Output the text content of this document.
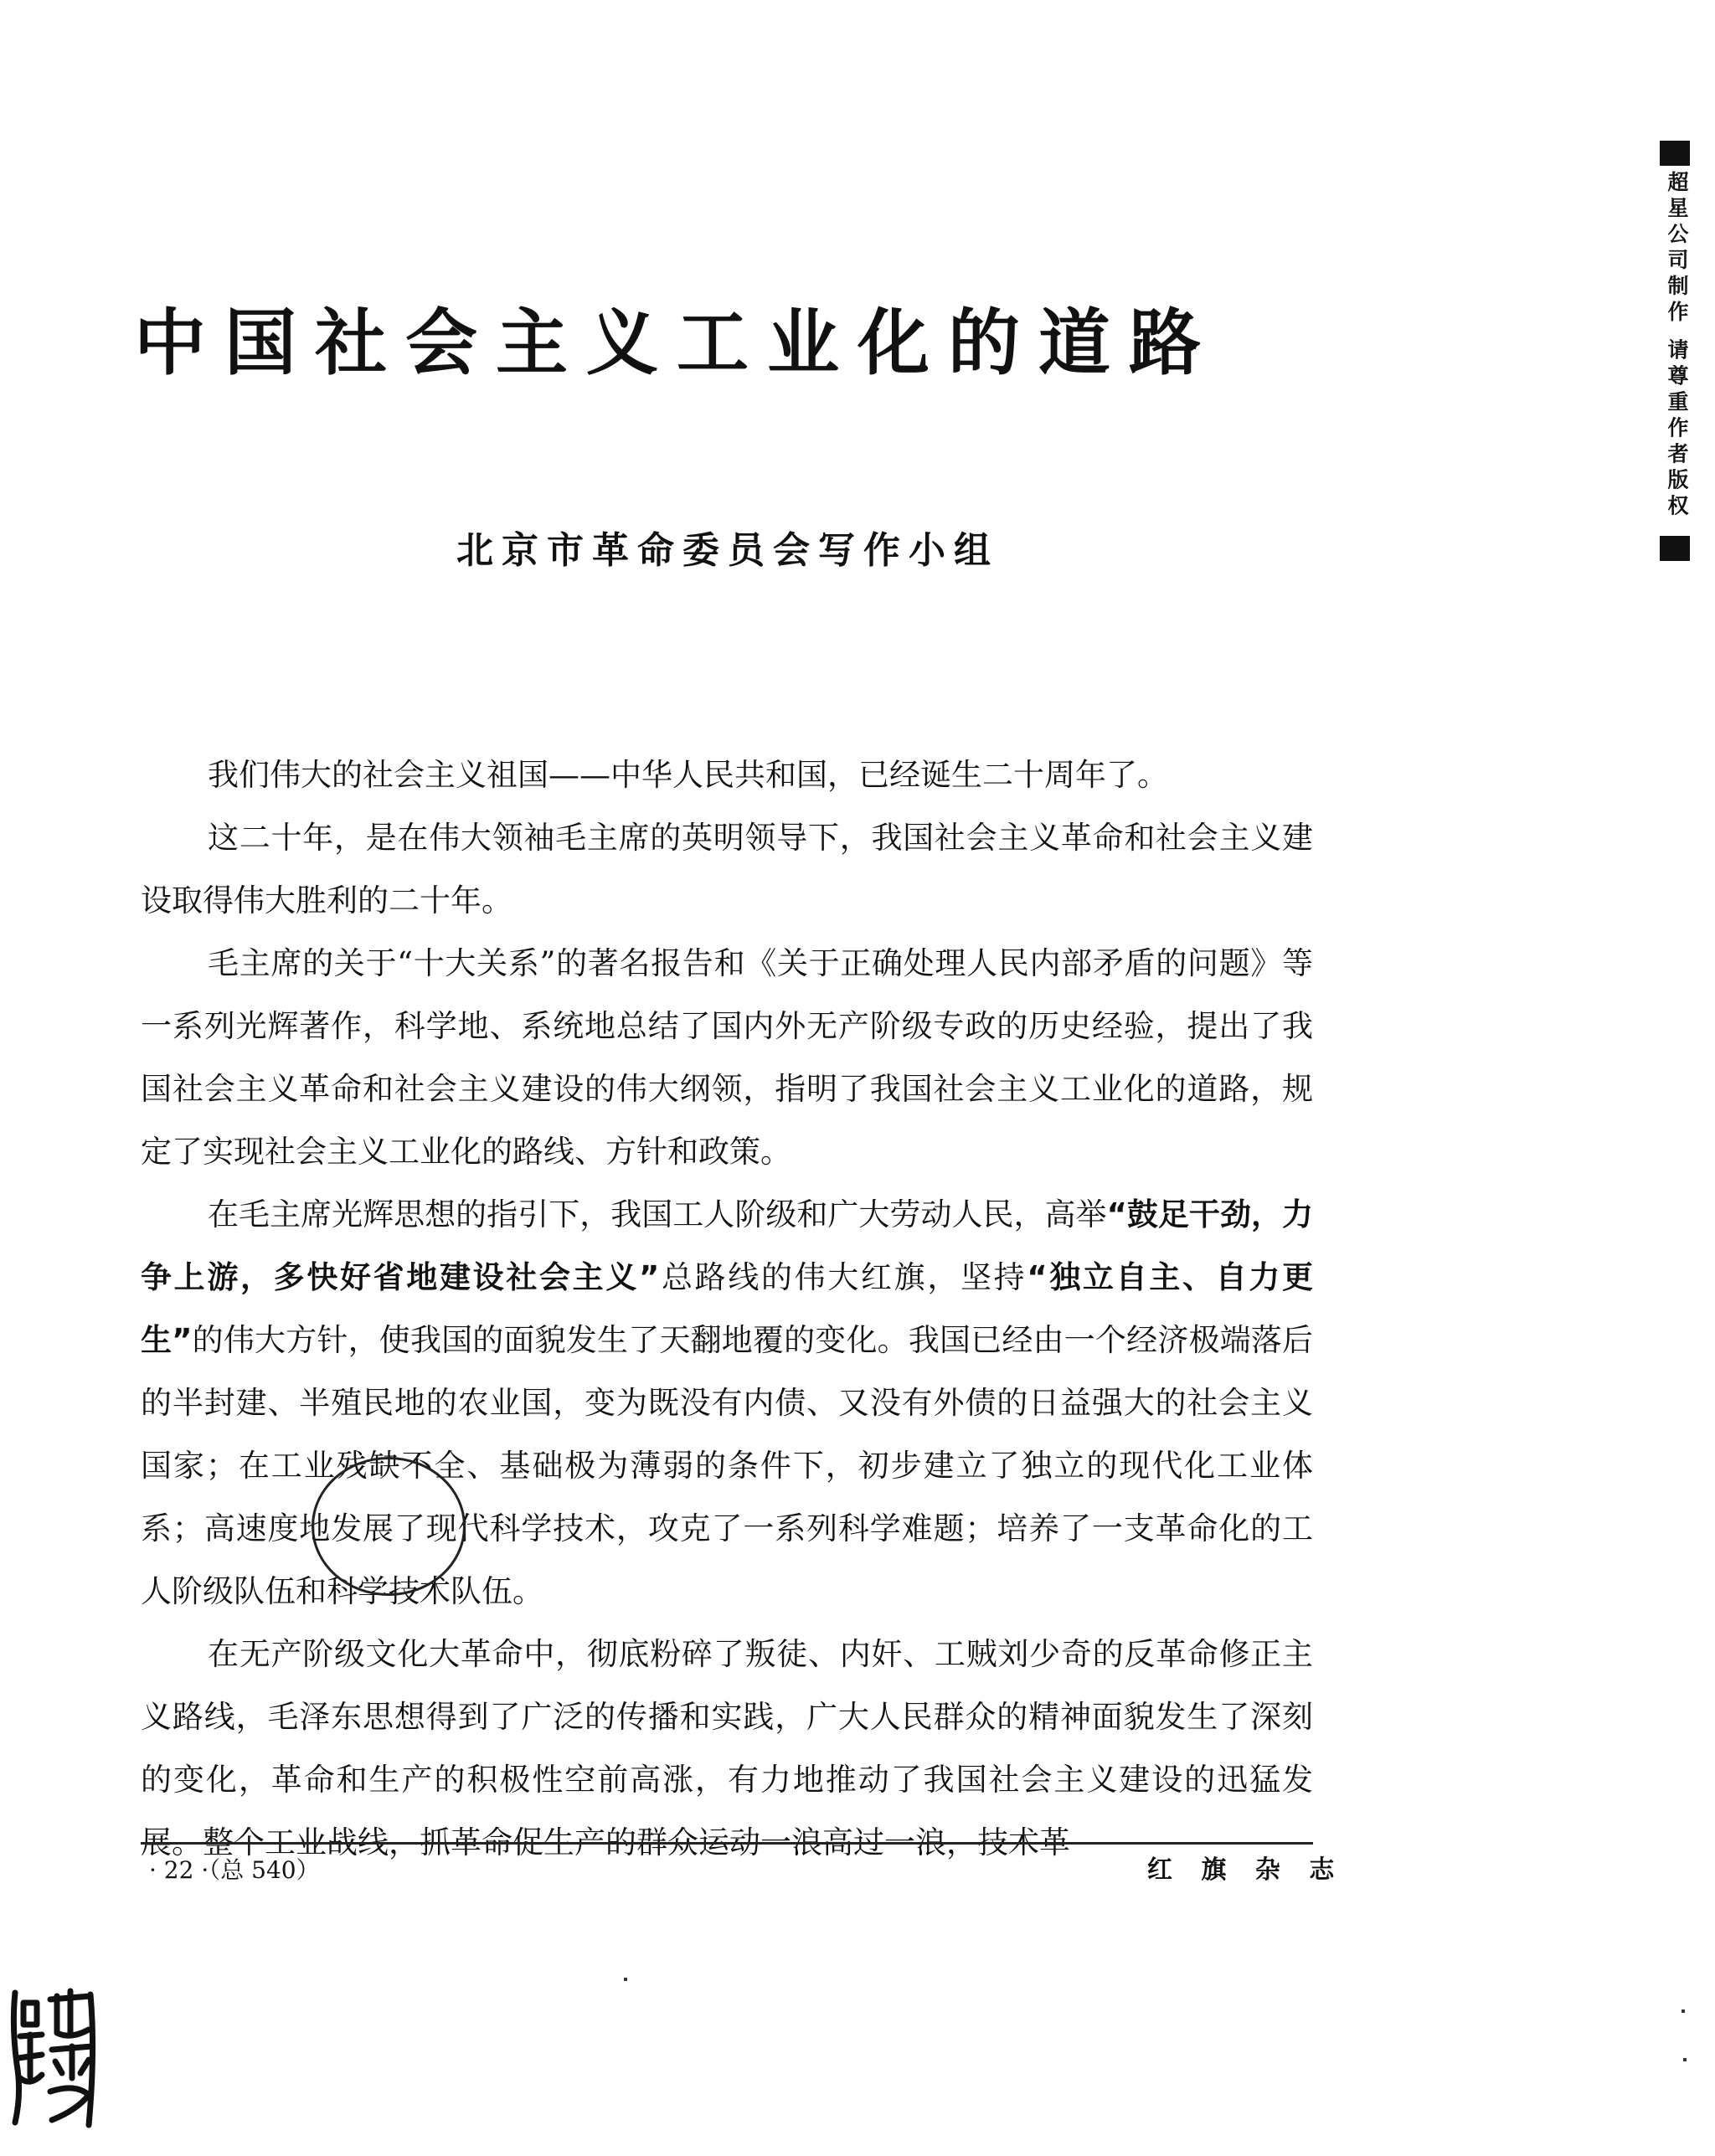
中国社会主义工业化的道路
北京市革命委员会写作小组

我们伟大的社会主义祖国——中华人民共和国，已经诞生二十周年了。

这二十年，是在伟大领袖毛主席的英明领导下，我国社会主义革命和社会主义建设取得伟大胜利的二十年。

毛主席的关于“十大关系”的著名报告和《关于正确处理人民内部矛盾的问题》等一系列光辉著作，科学地、系统地总结了国内外无产阶级专政的历史经验，提出了我国社会主义革命和社会主义建设的伟大纲领，指明了我国社会主义工业化的道路，规定了实现社会主义工业化的路线、方针和政策。

在毛主席光辉思想的指引下，我国工人阶级和广大劳动人民，高举“鼓足干劲，力争上游，多快好省地建设社会主义”总路线的伟大红旗，坚持“独立自主、自力更生”的伟大方针，使我国的面貌发生了天翻地覆的变化。我国已经由一个经济极端落后的半封建、半殖民地的农业国，变为既没有内债、又没有外债的日益强大的社会主义国家；在工业残缺不全、基础极为薄弱的条件下，初步建立了独立的现代化工业体系；高速度地发展了现代科学技术，攻克了一系列科学难题；培养了一支革命化的工人阶级队伍和科学技术队伍。

在无产阶级文化大革命中，彻底粉碎了叛徒、内奸、工贼刘少奇的反革命修正主义路线，毛泽东思想得到了广泛的传播和实践，广大人民群众的精神面貌发生了深刻的变化，革命和生产的积极性空前高涨，有力地推动了我国社会主义建设的迅猛发展。整个工业战线，抓革命促生产的群众运动一浪高过一浪，技术革

· 22 ·（总 540）	红 旗 杂 志
超星公司制作 请尊重作者版权
